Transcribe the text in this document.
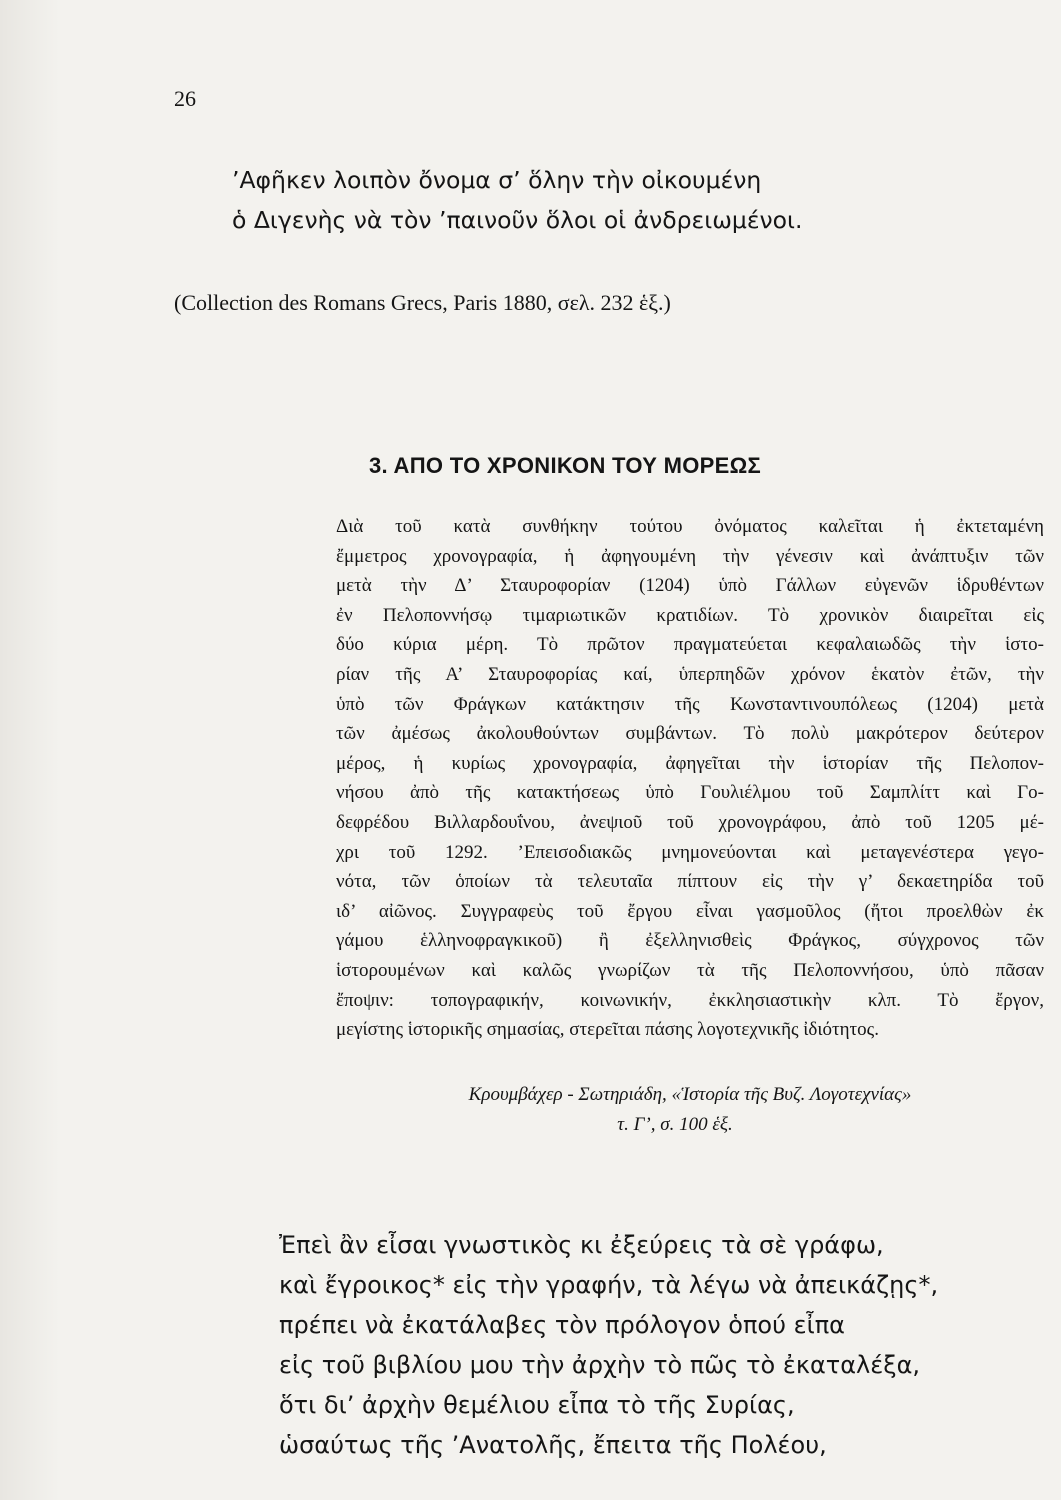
26
’Αφῆκεν λοιπὸν ὄνομα σ’ ὅλην τὴν οἰκουμένη
ὁ Διγενὴς νὰ τὸν ’παινοῦν ὅλοι οἱ ἀνδρειωμένοι.
(Collection des Romans Grecs, Paris 1880, σελ. 232 ἑξ.)
3. ΑΠΟ ΤΟ ΧΡΟΝΙΚΟΝ ΤΟΥ ΜΟΡΕΩΣ
Διὰ τοῦ κατὰ συνθήκην τούτου ὀνόματος καλεῖται ἡ ἐκτεταμένη
ἔμμετρος χρονογραφία, ἡ ἀφηγουμένη τὴν γένεσιν καὶ ἀνάπτυξιν τῶν
μετὰ τὴν Δ’ Σταυροφορίαν (1204) ὑπὸ Γάλλων εὐγενῶν ἱδρυθέντων
ἐν Πελοποννήσῳ τιμαριωτικῶν κρατιδίων. Τὸ χρονικὸν διαιρεῖται εἰς
δύο κύρια μέρη. Τὸ πρῶτον πραγματεύεται κεφαλαιωδῶς τὴν ἱστο-
ρίαν τῆς Α’ Σταυροφορίας καί, ὑπερπηδῶν χρόνον ἑκατὸν ἐτῶν, τὴν
ὑπὸ τῶν Φράγκων κατάκτησιν τῆς Κωνσταντινουπόλεως (1204) μετὰ
τῶν ἀμέσως ἀκολουθούντων συμβάντων. Τὸ πολὺ μακρότερον δεύτερον
μέρος, ἡ κυρίως χρονογραφία, ἀφηγεῖται τὴν ἱστορίαν τῆς Πελοπον-
νήσου ἀπὸ τῆς κατακτήσεως ὑπὸ Γουλιέλμου τοῦ Σαμπλίττ καὶ Γο-
δεφρέδου Βιλλαρδουΐνου, ἀνεψιοῦ τοῦ χρονογράφου, ἀπὸ τοῦ 1205 μέ-
χρι τοῦ 1292. ’Επεισοδιακῶς μνημονεύονται καὶ μεταγενέστερα γεγο-
νότα, τῶν ὁποίων τὰ τελευταῖα πίπτουν εἰς τὴν γ’ δεκαετηρίδα τοῦ
ιδ’ αἰῶνος. Συγγραφεὺς τοῦ ἔργου εἶναι γασμοῦλος (ἤτοι προελθὼν ἐκ
γάμου ἑλληνοφραγκικοῦ) ἢ ἐξελληνισθεὶς Φράγκος, σύγχρονος τῶν
ἱστορουμένων καὶ καλῶς γνωρίζων τὰ τῆς Πελοποννήσου, ὑπὸ πᾶσαν
ἔποψιν: τοπογραφικήν, κοινωνικήν, ἐκκλησιαστικὴν κλπ. Τὸ ἔργον,
μεγίστης ἱστορικῆς σημασίας, στερεῖται πάσης λογοτεχνικῆς ἰδιότητος.
Κρουμβάχερ - Σωτηριάδη, «Ἱστορία τῆς Βυζ. Λογοτεχνίας»
τ. Γ’, σ. 100 ἑξ.
Ἐπεὶ ἂν εἶσαι γνωστικὸς κι ἐξεύρεις τὰ σὲ γράφω,
καὶ ἔγροικος* εἰς τὴν γραφήν, τὰ λέγω νὰ ἀπεικάζῃς*,
πρέπει νὰ ἐκατάλαβες τὸν πρόλογον ὁπού εἶπα
εἰς τοῦ βιβλίου μου τὴν ἀρχὴν τὸ πῶς τὸ ἐκαταλέξα,
ὅτι δι’ ἀρχὴν θεμέλιου εἶπα τὸ τῆς Συρίας,
ὡσαύτως τῆς ’Ανατολῆς, ἔπειτα τῆς Πολέου,
